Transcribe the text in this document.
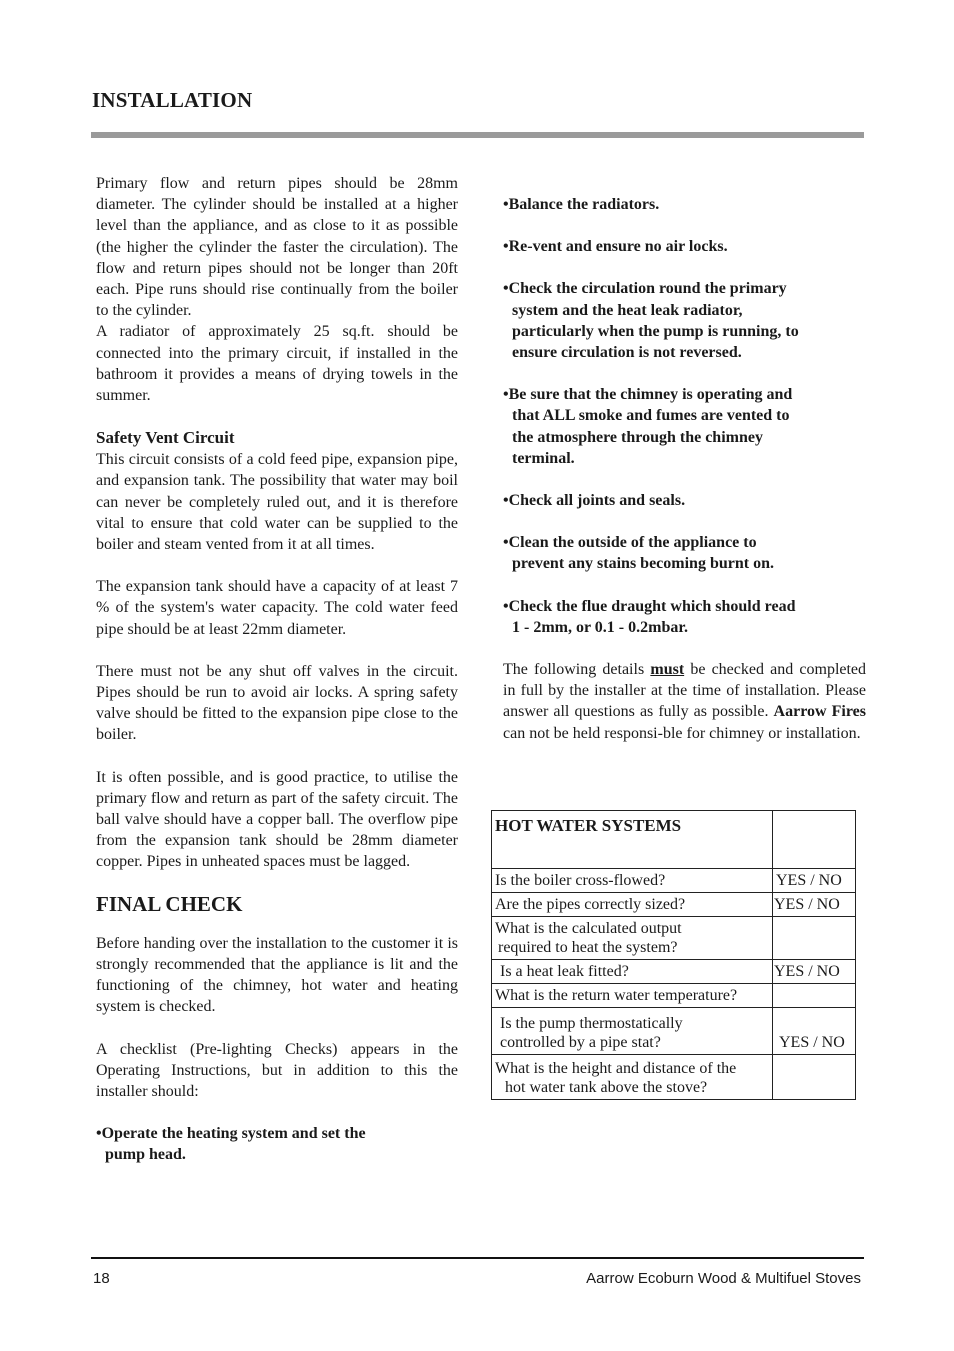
INSTALLATION

Primary flow and return pipes should be 28mm diameter. The cylinder should be installed at a higher level than the appliance, and as close to it as possible (the higher the cylinder the faster the circulation). The flow and return pipes should not be longer than 20ft each. Pipe runs should rise continually from the boiler to the cylinder.

A radiator of approximately 25 sq.ft. should be connected into the primary circuit, if installed in the bathroom it provides a means of drying towels in the summer.

Safety Vent Circuit

This circuit consists of a cold feed pipe, expansion pipe, and expansion tank. The possibility that water may boil can never be completely ruled out, and it is therefore vital to ensure that cold water can be supplied to the boiler and steam vented from it at all times.

The expansion tank should have a capacity of at least 7 % of the system's water capacity. The cold water feed pipe should be at least 22mm diameter.

There must not be any shut off valves in the circuit. Pipes should be run to avoid air locks. A spring safety valve should be fitted to the expansion pipe close to the boiler.

It is often possible, and is good practice, to utilise the primary flow and return as part of the safety circuit. The ball valve should have a copper ball. The overflow pipe from the expansion tank should be 28mm diameter copper. Pipes in unheated spaces must be lagged.

FINAL CHECK

Before handing over the installation to the customer it is strongly recommended that the appliance is lit and the functioning of the chimney, hot water and heating system is checked.

A checklist (Pre-lighting Checks) appears in the Operating Instructions, but in addition to this the installer should:

•Operate the heating system and set the
pump head.

•Balance the radiators.

•Re-vent and ensure no air locks.

•Check the circulation round the primary
system and the heat leak radiator,
particularly when the pump is running, to
ensure circulation is not reversed.

•Be sure that the chimney is operating and
that ALL smoke and fumes are vented to
the atmosphere through the chimney
terminal.

•Check all joints and seals.

•Clean the outside of the appliance to
prevent any stains becoming burnt on.

•Check the flue draught which should read
1 - 2mm, or 0.1 - 0.2mbar.

The following details must be checked and completed in full by the installer at the time of installation. Please answer all questions as fully as possible. Aarrow Fires can not be held responsi-ble for chimney or installation.

HOT WATER SYSTEMS	
Is the boiler cross-flowed?	YES / NO
Are the pipes correctly sized?	YES / NO
What is the calculated output
required to heat the system?	
Is a heat leak fitted?	YES / NO
What is the return water temperature?	
Is the pump thermostatically
controlled by a pipe stat?	YES / NO
What is the height and distance of the
hot water tank above the stove?	
18	Aarrow Ecoburn Wood & Multifuel Stoves
